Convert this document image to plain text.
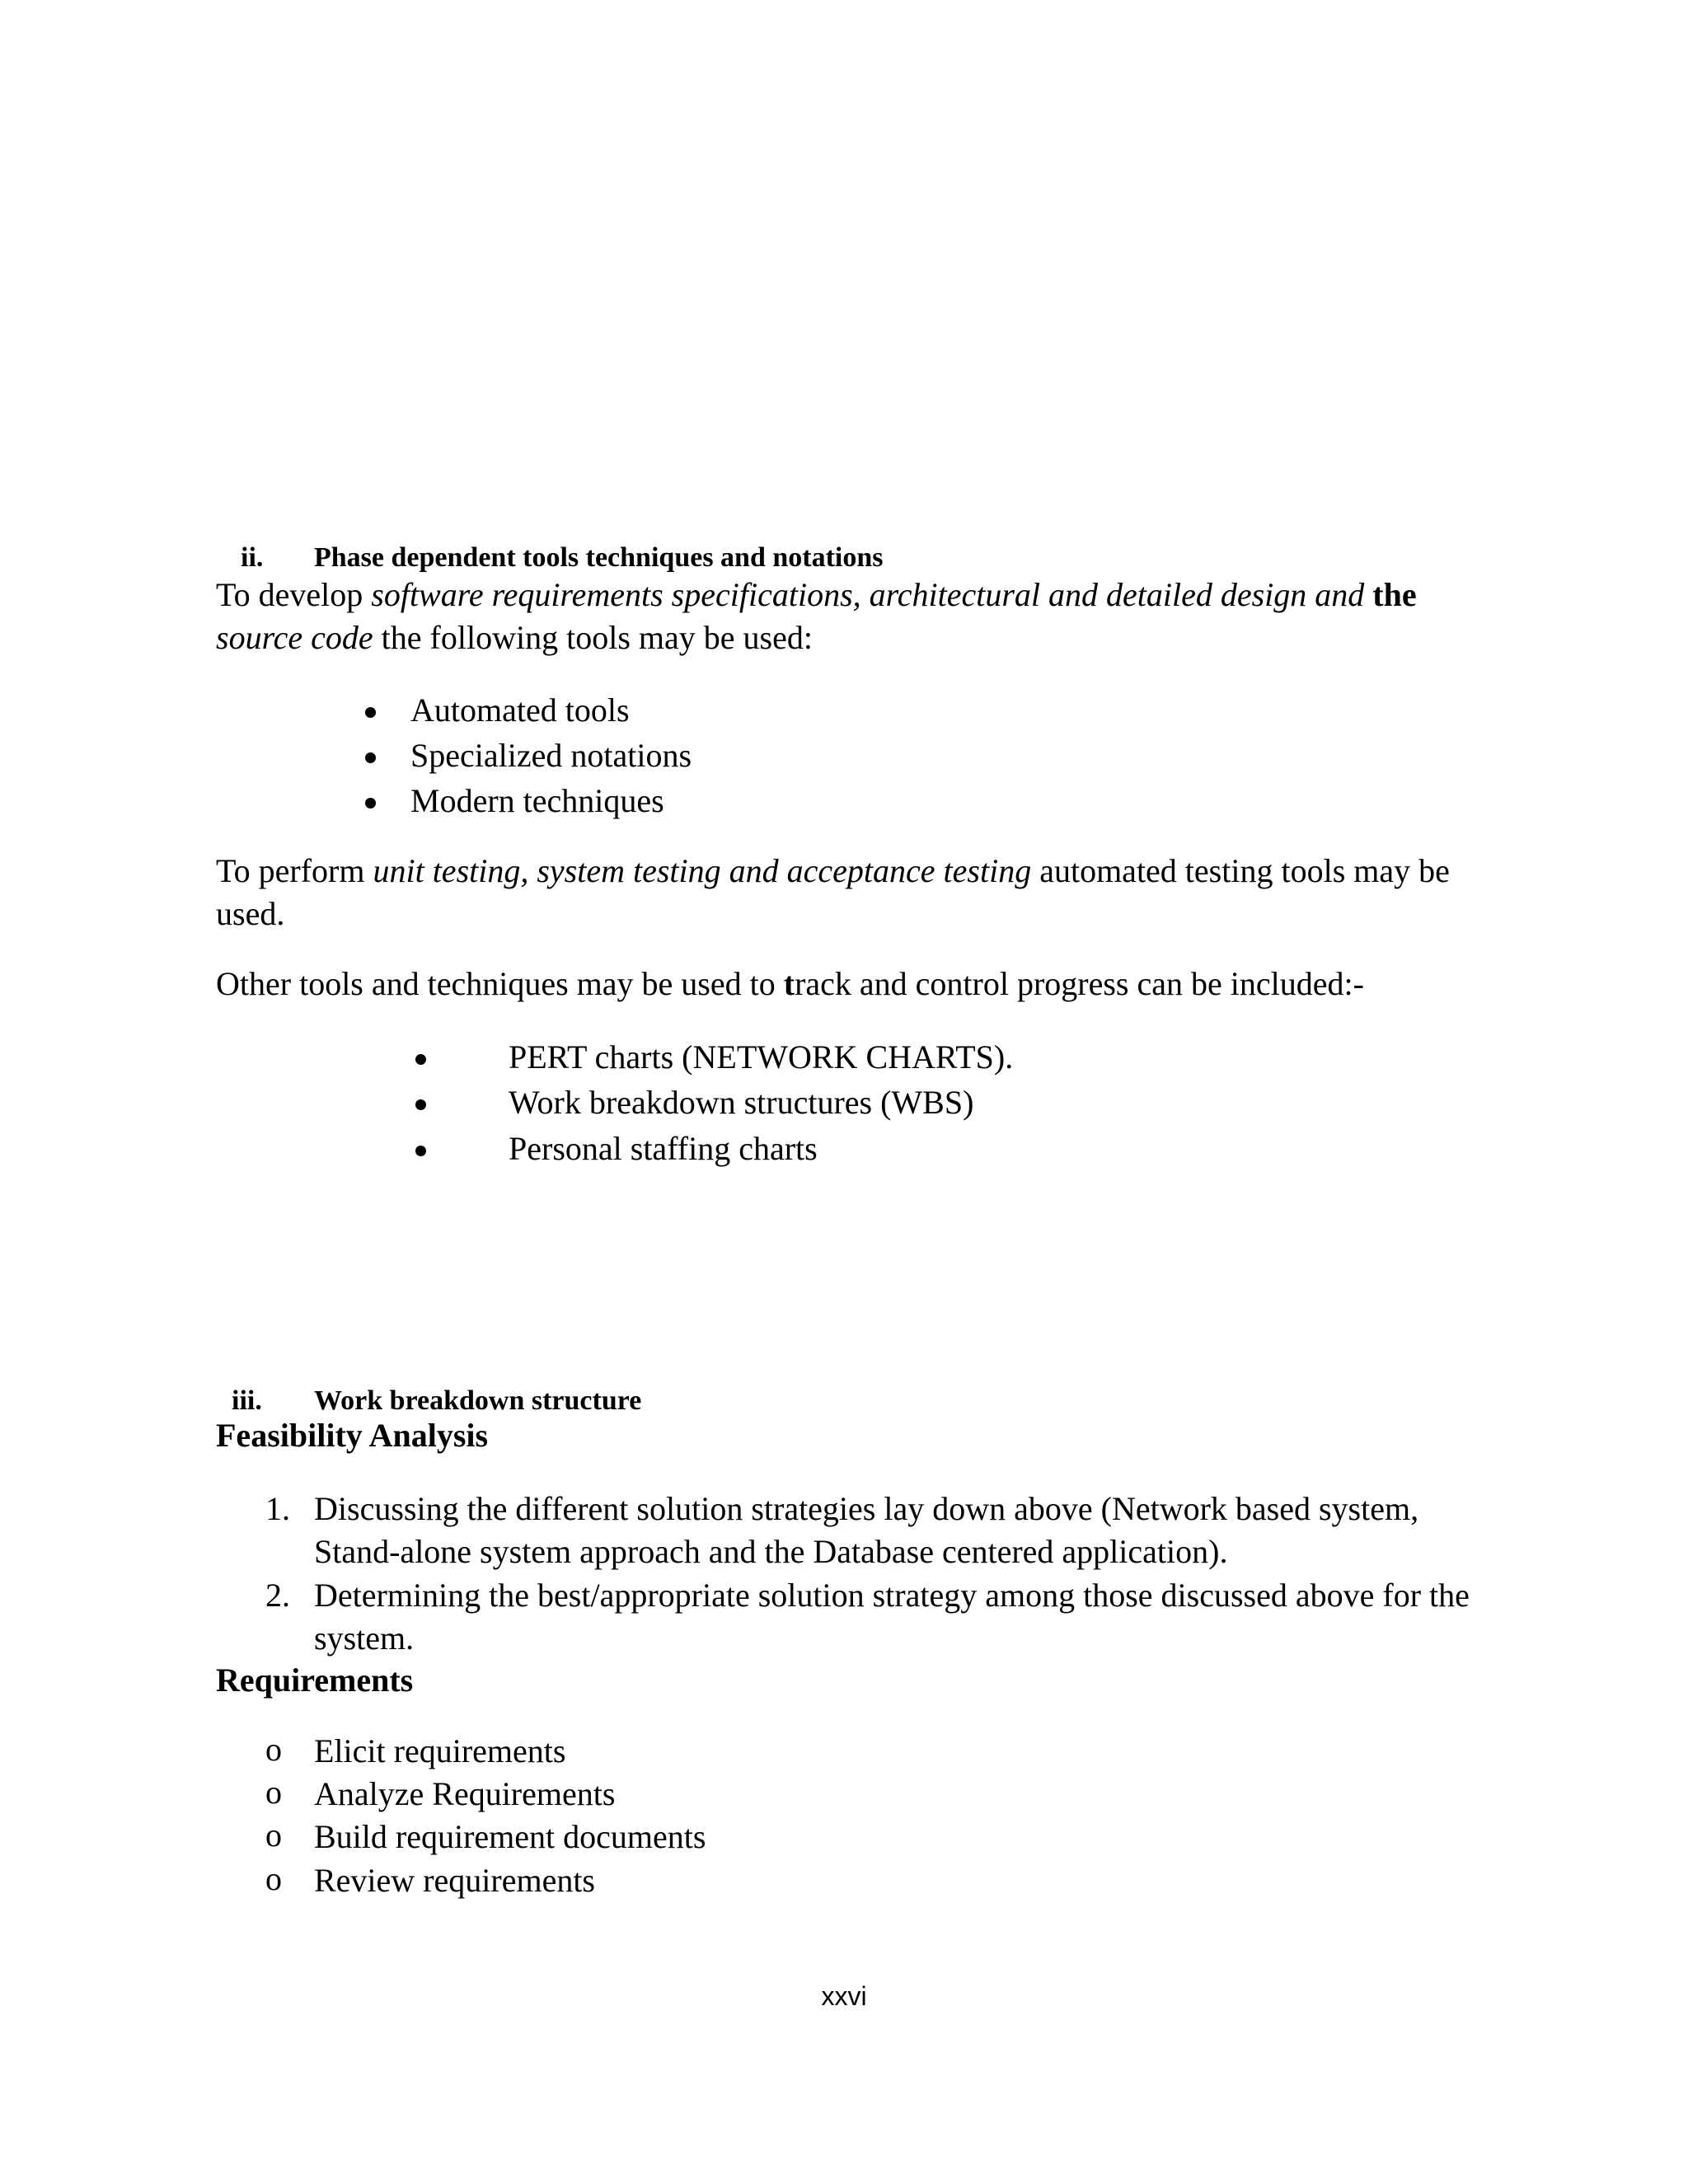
ii. Phase dependent tools techniques and notations
To develop software requirements specifications, architectural and detailed design and the
source code the following tools may be used:
Automated tools
Specialized notations
Modern techniques
To perform unit testing, system testing and acceptance testing automated testing tools may be
used.
Other tools and techniques may be used to track and control progress can be included:-
PERT charts (NETWORK CHARTS).
Work breakdown structures (WBS)
Personal staffing charts
iii. Work breakdown structure
Feasibility Analysis
1. Discussing the different solution strategies lay down above (Network based system,
Stand-alone system approach and the Database centered application).
2. Determining the best/appropriate solution strategy among those discussed above for the
system.
Requirements
o Elicit requirements
o Analyze Requirements
o Build requirement documents
o Review requirements
xxvi
